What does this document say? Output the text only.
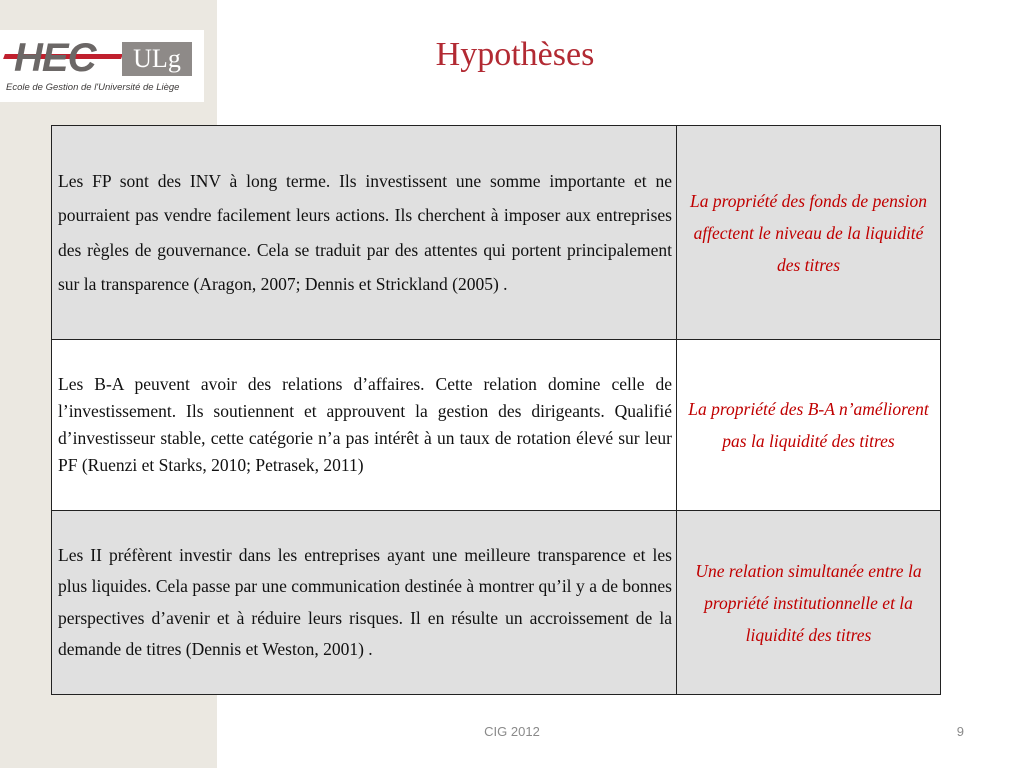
HEC	ULg
Ecole de Gestion de l'Université de Liège
Hypothèses
Les FP sont des INV à long terme. Ils investissent une somme importante et ne pourraient pas vendre facilement leurs actions. Ils cherchent à imposer aux entreprises des règles de gouvernance. Cela se traduit par des attentes qui portent principalement sur la transparence (Aragon, 2007; Dennis et Strickland (2005) .	La propriété des fonds de pension affectent le niveau de la liquidité des titres
Les B-A peuvent avoir des relations d’affaires. Cette relation domine celle de l’investissement. Ils soutiennent et approuvent la gestion des dirigeants. Qualifié d’investisseur stable, cette catégorie n’a pas intérêt à un taux de rotation élevé sur leur PF (Ruenzi et Starks, 2010; Petrasek, 2011)	La propriété des B-A n’améliorent pas la liquidité des titres
Les II préfèrent investir dans les entreprises ayant une meilleure transparence et les plus liquides. Cela passe par une communication destinée à montrer qu’il y a de bonnes perspectives d’avenir et à réduire leurs risques. Il en résulte un accroissement de la demande de titres (Dennis et Weston, 2001) .	Une relation simultanée entre la propriété institutionnelle et la liquidité des titres
CIG 2012	9
